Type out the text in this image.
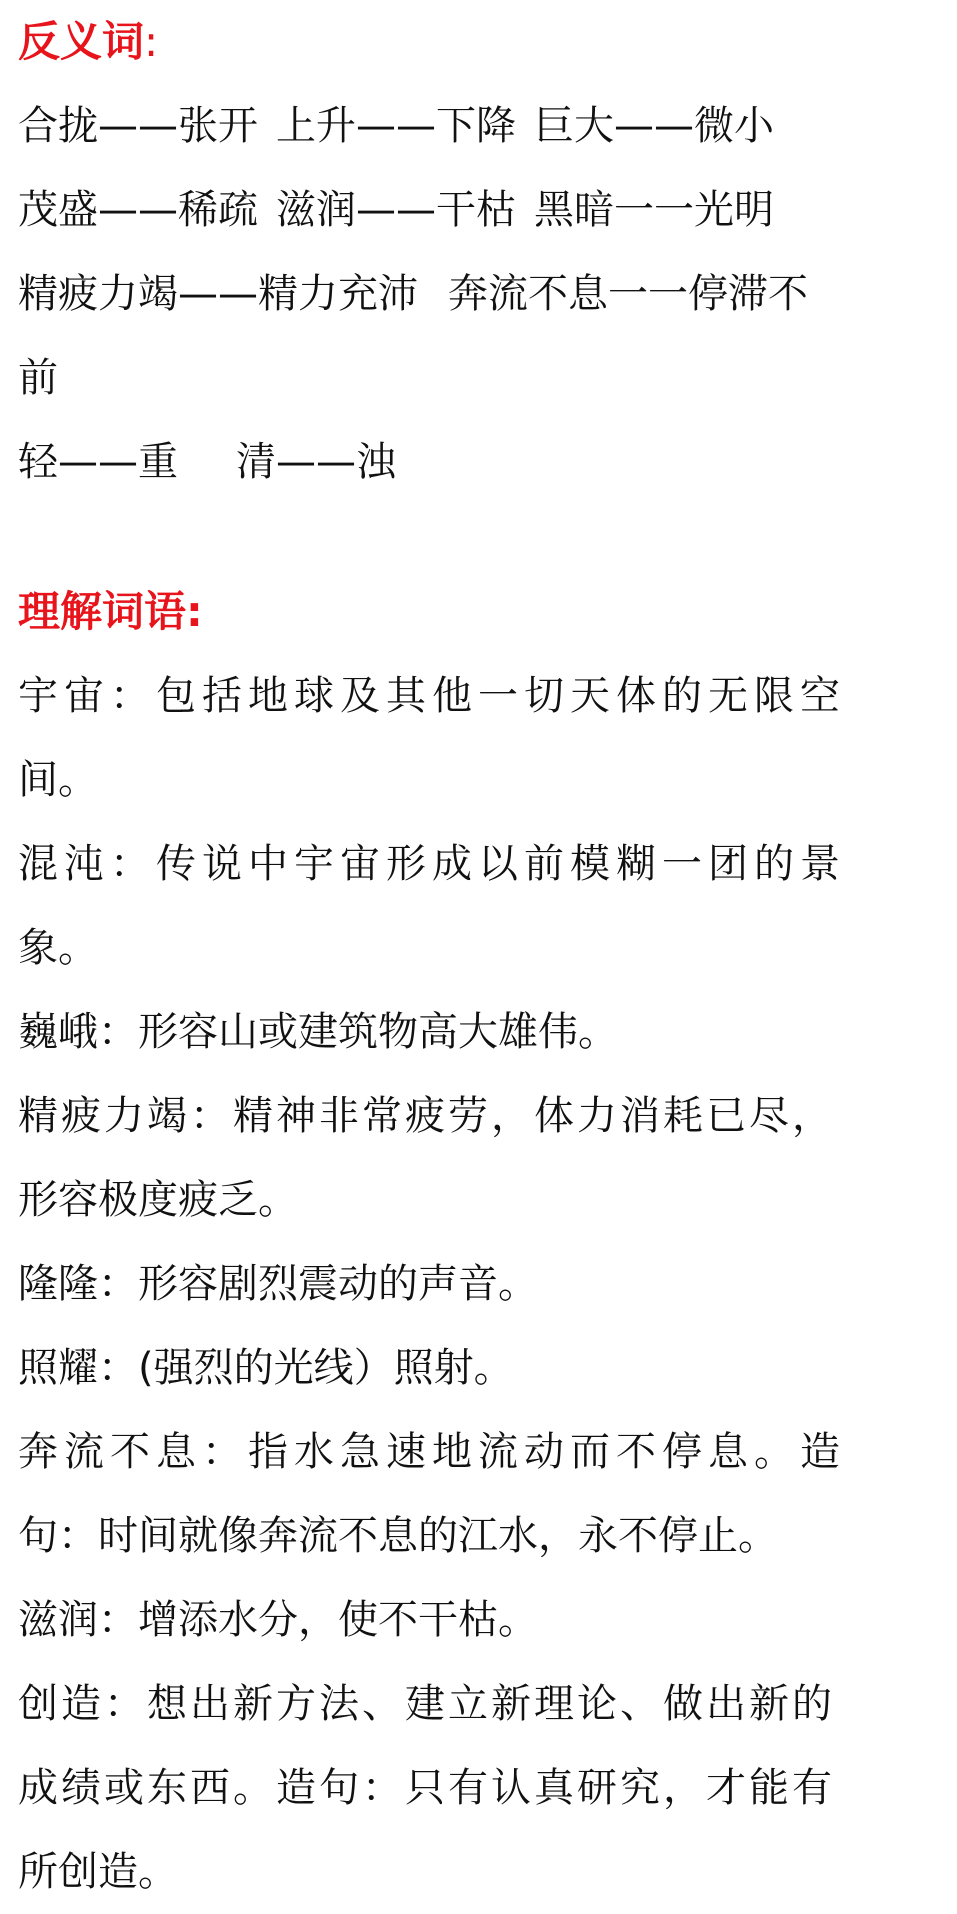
反义词:

合拢——张开 上升——下降 巨大——微小

茂盛——稀疏 滋润——干枯 黑暗一一光明

精疲力竭——精力充沛 奔流不息一一停滞不

前

轻——重 清——浊

理解词语:

宇宙：包括地球及其他一切天体的无限空

间。

混沌：传说中宇宙形成以前模糊一团的景

象。

巍峨：形容山或建筑物高大雄伟。

精疲力竭：精神非常疲劳，体力消耗已尽，

形容极度疲乏。

隆隆：形容剧烈震动的声音。

照耀：(强烈的光线）照射。

奔流不息：指水急速地流动而不停息。造

句：时间就像奔流不息的江水，永不停止。

滋润：增添水分，使不干枯。

创造：想出新方法、建立新理论、做出新的

成绩或东西。造句：只有认真研究，才能有

所创造。
